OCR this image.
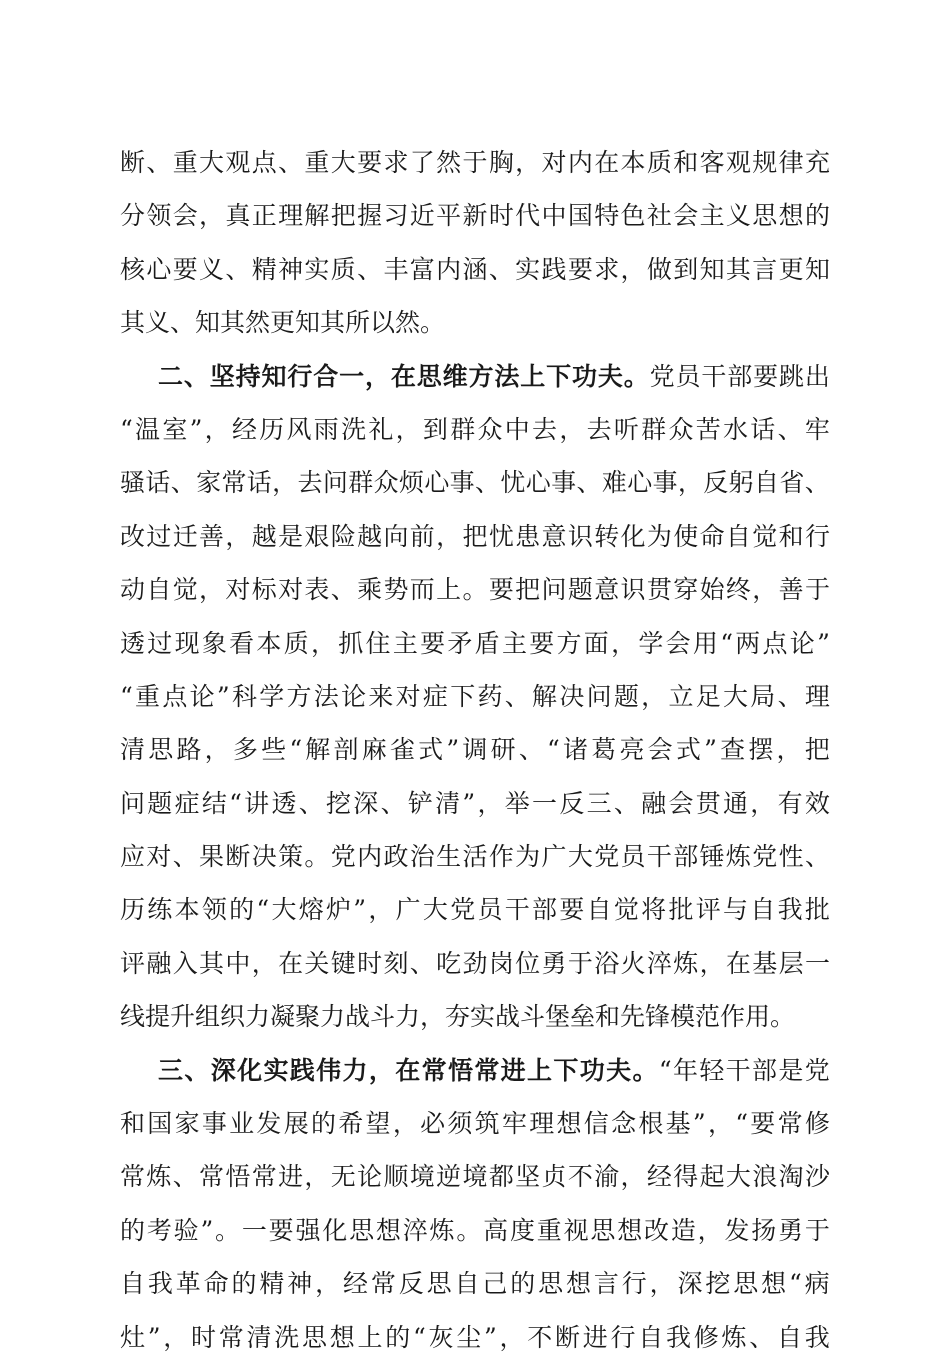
断 、 重 大 观 点 、 重 大 要 求 了 然 于 胸 ， 对 内 在 本 质 和 客 观 规 律 充
分 领 会 ， 真 正 理 解 把 握 习 近 平 新 时 代 中 国 特 色 社 会 主 义 思 想 的
核 心 要 义 、 精 神 实 质 、 丰 富 内 涵 、 实 践 要 求 ， 做 到 知 其 言 更 知
其义、知其然更知其所以然。
二 、 坚 持 知 行 合 一 ， 在 思 维 方 法 上 下 功 夫 。 党 员 干 部 要 跳 出
“ 温 室 ” ， 经 历 风 雨 洗 礼 ， 到 群 众 中 去 ， 去 听 群 众 苦 水 话 、 牢
骚 话 、 家 常 话 ， 去 问 群 众 烦 心 事 、 忧 心 事 、 难 心 事 ， 反 躬 自 省 、
改 过 迁 善 ， 越 是 艰 险 越 向 前 ， 把 忧 患 意 识 转 化 为 使 命 自 觉 和 行
动 自 觉 ， 对 标 对 表 、 乘 势 而 上 。 要 把 问 题 意 识 贯 穿 始 终 ， 善 于
透 过 现 象 看 本 质 ， 抓 住 主 要 矛 盾 主 要 方 面 ， 学 会 用 “ 两 点 论 ”
“ 重 点 论 ” 科 学 方 法 论 来 对 症 下 药 、 解 决 问 题 ， 立 足 大 局 、 理
清 思 路 ， 多 些 “ 解 剖 麻 雀 式 ” 调 研 、 “ 诸 葛 亮 会 式 ” 查 摆 ， 把
问 题 症 结 “ 讲 透 、 挖 深 、 铲 清 ” ， 举 一 反 三 、 融 会 贯 通 ， 有 效
应 对 、 果 断 决 策 。 党 内 政 治 生 活 作 为 广 大 党 员 干 部 锤 炼 党 性 、
历 练 本 领 的 “ 大 熔 炉 ” ， 广 大 党 员 干 部 要 自 觉 将 批 评 与 自 我 批
评 融 入 其 中 ， 在 关 键 时 刻 、 吃 劲 岗 位 勇 于 浴 火 淬 炼 ， 在 基 层 一
线提升组织力凝聚力战斗力，夯实战斗堡垒和先锋模范作用。
三 、 深 化 实 践 伟 力 ， 在 常 悟 常 进 上 下 功 夫 。 “ 年 轻 干 部 是 党
和 国 家 事 业 发 展 的 希 望 ， 必 须 筑 牢 理 想 信 念 根 基 ” ， “ 要 常 修
常 炼 、 常 悟 常 进 ， 无 论 顺 境 逆 境 都 坚 贞 不 渝 ， 经 得 起 大 浪 淘 沙
的 考 验 ” 。 一 要 强 化 思 想 淬 炼 。 高 度 重 视 思 想 改 造 ， 发 扬 勇 于
自 我 革 命 的 精 神 ， 经 常 反 思 自 己 的 思 想 言 行 ， 深 挖 思 想 “ 病
灶 ” ， 时 常 清 洗 思 想 上 的 “ 灰 尘 ” ， 不 断 进 行 自 我 修 炼 、 自 我
